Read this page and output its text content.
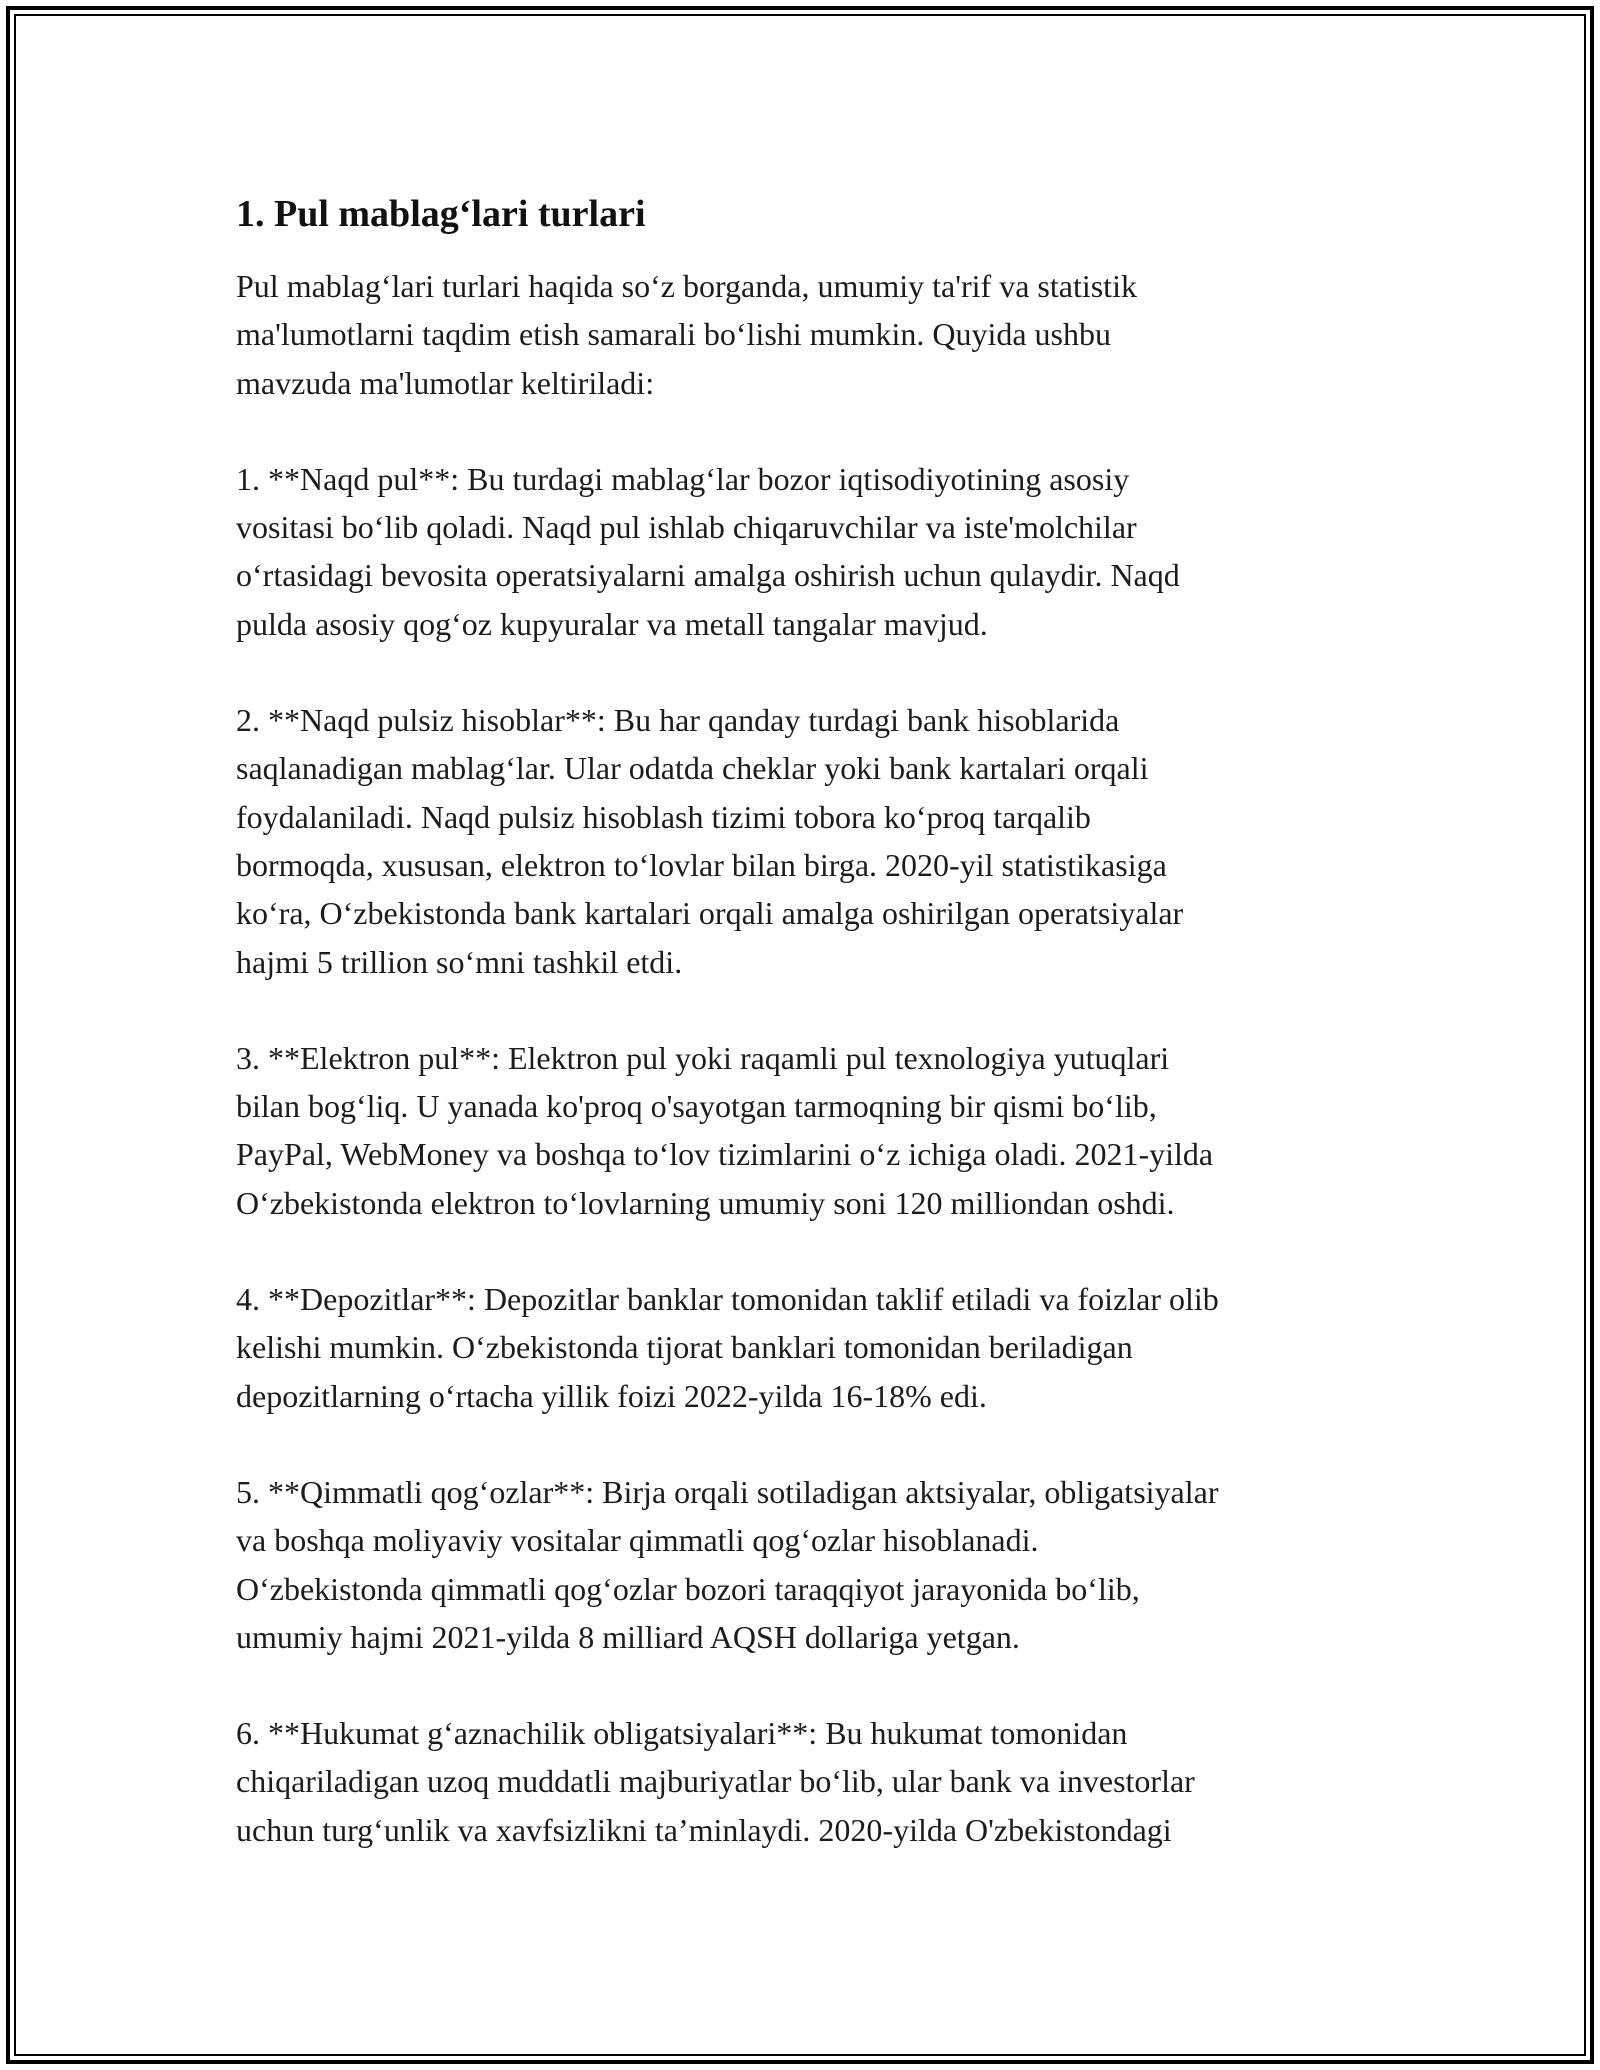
1. Pul mablag‘lari turlari

Pul mablag‘lari turlari haqida so‘z borganda, umumiy ta'rif va statistik
ma'lumotlarni taqdim etish samarali bo‘lishi mumkin. Quyida ushbu
mavzuda ma'lumotlar keltiriladi:

1. **Naqd pul**: Bu turdagi mablag‘lar bozor iqtisodiyotining asosiy
vositasi bo‘lib qoladi. Naqd pul ishlab chiqaruvchilar va iste'molchilar
o‘rtasidagi bevosita operatsiyalarni amalga oshirish uchun qulaydir. Naqd
pulda asosiy qog‘oz kupyuralar va metall tangalar mavjud.

2. **Naqd pulsiz hisoblar**: Bu har qanday turdagi bank hisoblarida
saqlanadigan mablag‘lar. Ular odatda cheklar yoki bank kartalari orqali
foydalaniladi. Naqd pulsiz hisoblash tizimi tobora ko‘proq tarqalib
bormoqda, xususan, elektron to‘lovlar bilan birga. 2020-yil statistikasiga
ko‘ra, O‘zbekistonda bank kartalari orqali amalga oshirilgan operatsiyalar
hajmi 5 trillion so‘mni tashkil etdi.

3. **Elektron pul**: Elektron pul yoki raqamli pul texnologiya yutuqlari
bilan bog‘liq. U yanada ko'proq o'sayotgan tarmoqning bir qismi bo‘lib,
PayPal, WebMoney va boshqa to‘lov tizimlarini o‘z ichiga oladi. 2021-yilda
O‘zbekistonda elektron to‘lovlarning umumiy soni 120 milliondan oshdi.

4. **Depozitlar**: Depozitlar banklar tomonidan taklif etiladi va foizlar olib
kelishi mumkin. O‘zbekistonda tijorat banklari tomonidan beriladigan
depozitlarning o‘rtacha yillik foizi 2022-yilda 16-18% edi.

5. **Qimmatli qog‘ozlar**: Birja orqali sotiladigan aktsiyalar, obligatsiyalar
va boshqa moliyaviy vositalar qimmatli qog‘ozlar hisoblanadi.
O‘zbekistonda qimmatli qog‘ozlar bozori taraqqiyot jarayonida bo‘lib,
umumiy hajmi 2021-yilda 8 milliard AQSH dollariga yetgan.

6. **Hukumat g‘aznachilik obligatsiyalari**: Bu hukumat tomonidan
chiqariladigan uzoq muddatli majburiyatlar bo‘lib, ular bank va investorlar
uchun turg‘unlik va xavfsizlikni ta’minlaydi. 2020-yilda O'zbekistondagi
